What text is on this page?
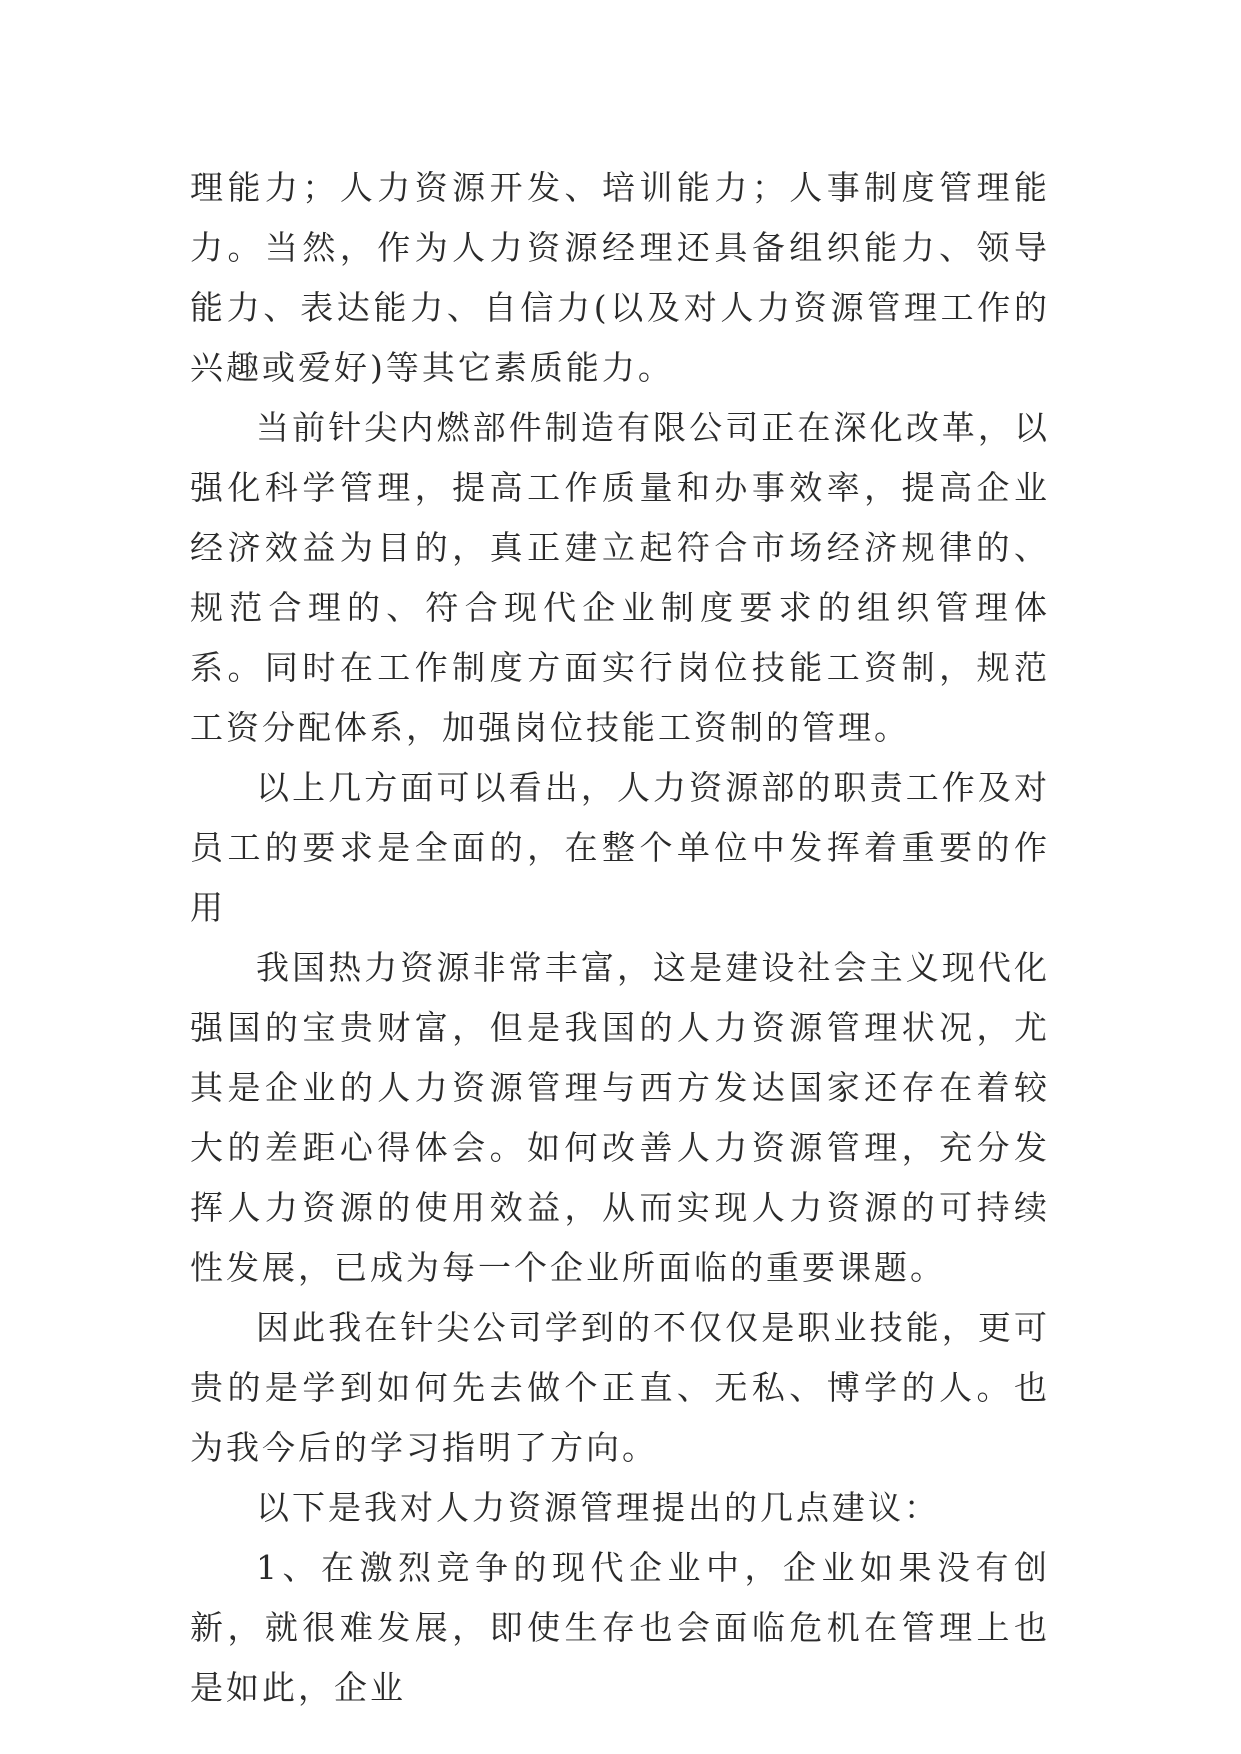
理能力；人力资源开发、培训能力；人事制度管理能力。当然，作为人力资源经理还具备组织能力、领导能力、表达能力、自信力(以及对人力资源管理工作的兴趣或爱好)等其它素质能力。

当前针尖内燃部件制造有限公司正在深化改革，以强化科学管理，提高工作质量和办事效率，提高企业经济效益为目的，真正建立起符合市场经济规律的、规范合理的、符合现代企业制度要求的组织管理体系。同时在工作制度方面实行岗位技能工资制，规范工资分配体系，加强岗位技能工资制的管理。

以上几方面可以看出，人力资源部的职责工作及对员工的要求是全面的，在整个单位中发挥着重要的作用

我国热力资源非常丰富，这是建设社会主义现代化强国的宝贵财富，但是我国的人力资源管理状况，尤其是企业的人力资源管理与西方发达国家还存在着较大的差距心得体会。如何改善人力资源管理，充分发挥人力资源的使用效益，从而实现人力资源的可持续性发展，已成为每一个企业所面临的重要课题。

因此我在针尖公司学到的不仅仅是职业技能，更可贵的是学到如何先去做个正直、无私、博学的人。也为我今后的学习指明了方向。

以下是我对人力资源管理提出的几点建议：

1、在激烈竞争的现代企业中，企业如果没有创新，就很难发展，即使生存也会面临危机在管理上也是如此，企业
